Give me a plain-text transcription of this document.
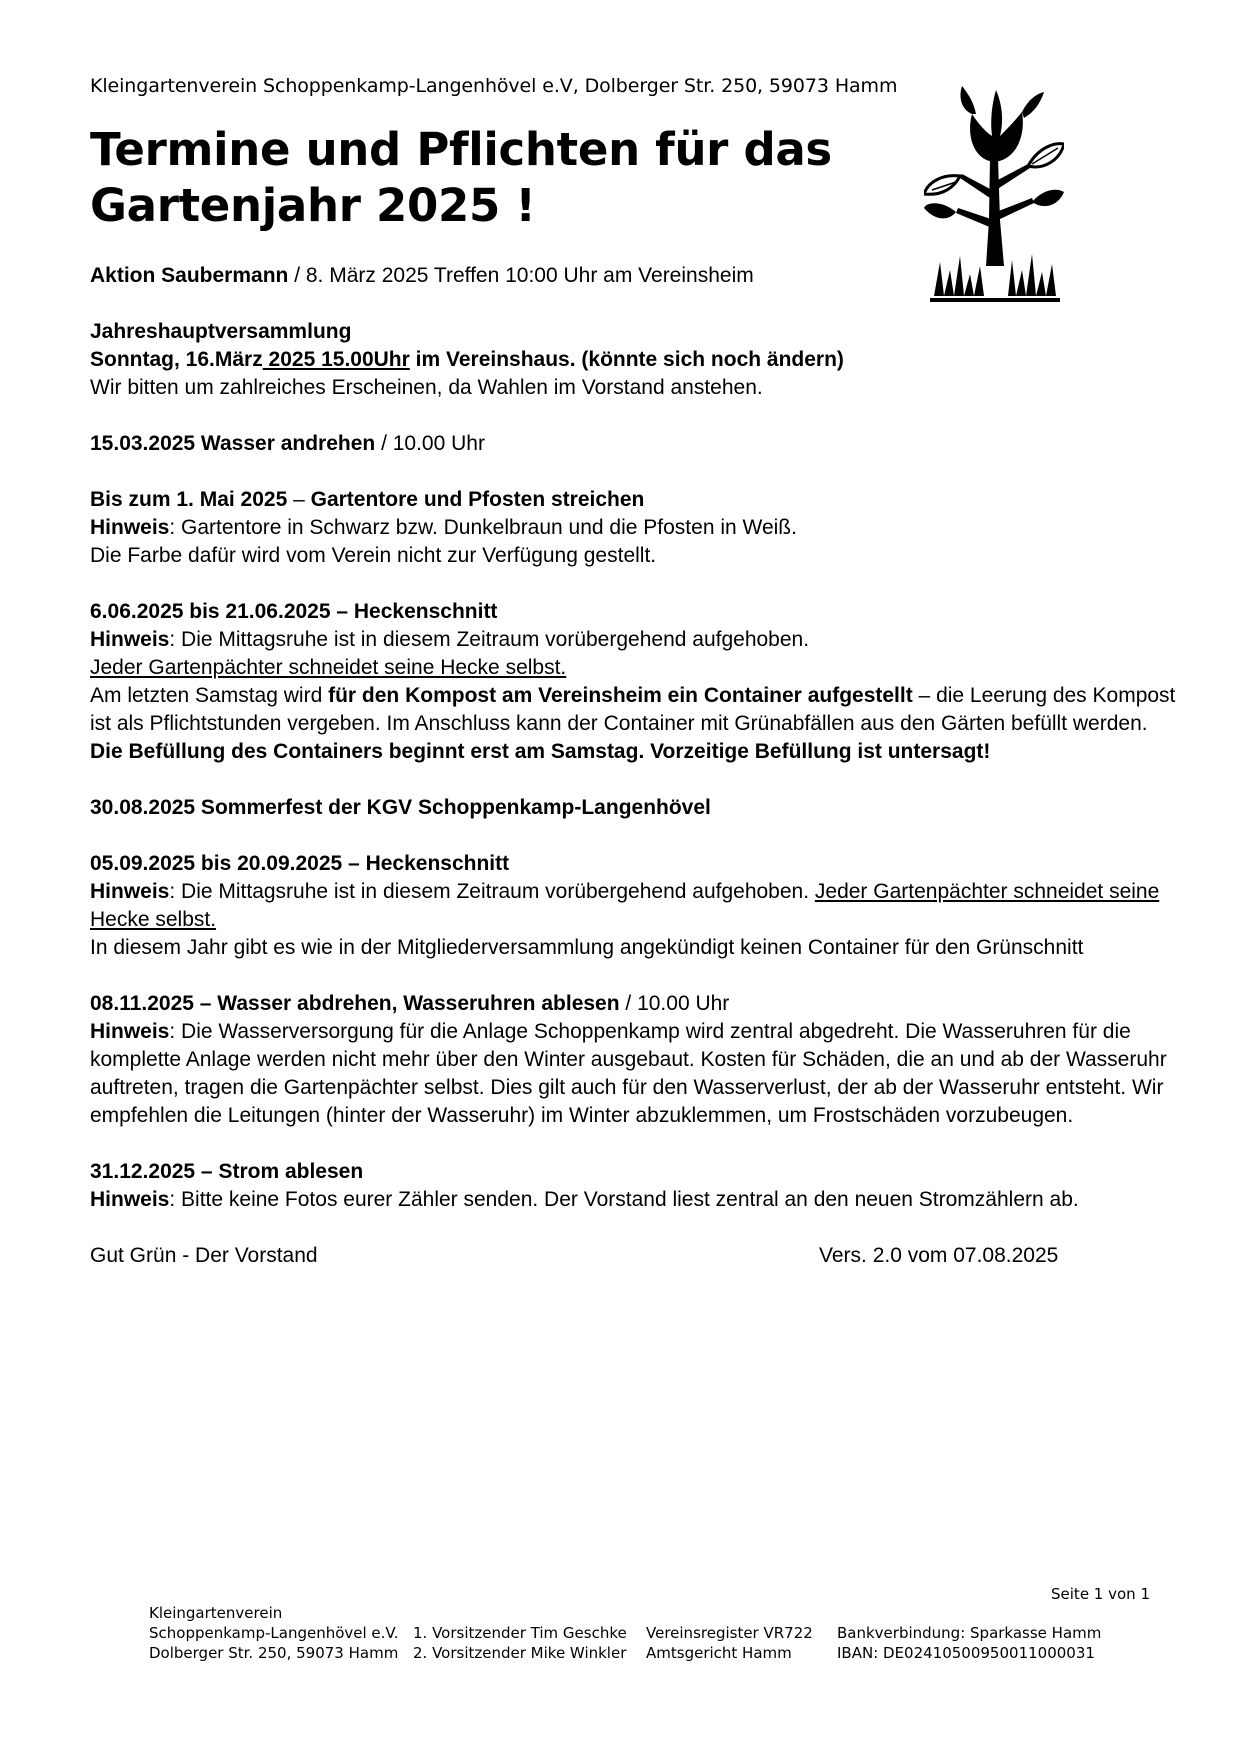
Kleingartenverein Schoppenkamp-Langenhövel e.V, Dolberger Str. 250, 59073 Hamm
Termine und Pflichten für das
Gartenjahr 2025 !

Aktion Saubermann / 8. März 2025 Treffen 10:00 Uhr am Vereinsheim

Jahreshauptversammlung
Sonntag, 16.März 2025 15.00Uhr im Vereinshaus. (könnte sich noch ändern)
Wir bitten um zahlreiches Erscheinen, da Wahlen im Vorstand anstehen.

15.03.2025 Wasser andrehen / 10.00 Uhr

Bis zum 1. Mai 2025 – Gartentore und Pfosten streichen
Hinweis: Gartentore in Schwarz bzw. Dunkelbraun und die Pfosten in Weiß.
Die Farbe dafür wird vom Verein nicht zur Verfügung gestellt.

6.06.2025 bis 21.06.2025 – Heckenschnitt
Hinweis: Die Mittagsruhe ist in diesem Zeitraum vorübergehend aufgehoben.
Jeder Gartenpächter schneidet seine Hecke selbst.
Am letzten Samstag wird für den Kompost am Vereinsheim ein Container aufgestellt – die Leerung des Kompost ist als Pflichtstunden vergeben. Im Anschluss kann der Container mit Grünabfällen aus den Gärten befüllt werden.
Die Befüllung des Containers beginnt erst am Samstag. Vorzeitige Befüllung ist untersagt!

30.08.2025 Sommerfest der KGV Schoppenkamp-Langenhövel

05.09.2025 bis 20.09.2025 – Heckenschnitt
Hinweis: Die Mittagsruhe ist in diesem Zeitraum vorübergehend aufgehoben. Jeder Gartenpächter schneidet seine Hecke selbst.
In diesem Jahr gibt es wie in der Mitgliederversammlung angekündigt keinen Container für den Grünschnitt

08.11.2025 – Wasser abdrehen, Wasseruhren ablesen / 10.00 Uhr
Hinweis: Die Wasserversorgung für die Anlage Schoppenkamp wird zentral abgedreht. Die Wasseruhren für die komplette Anlage werden nicht mehr über den Winter ausgebaut. Kosten für Schäden, die an und ab der Wasseruhr auftreten, tragen die Gartenpächter selbst. Dies gilt auch für den Wasserverlust, der ab der Wasseruhr entsteht. Wir empfehlen die Leitungen (hinter der Wasseruhr) im Winter abzuklemmen, um Frostschäden vorzubeugen.

31.12.2025 – Strom ablesen
Hinweis: Bitte keine Fotos eurer Zähler senden. Der Vorstand liest zentral an den neuen Stromzählern ab.

Gut Grün - Der Vorstand	Vers. 2.0 vom 07.08.2025
Seite 1 von 1
Kleingartenverein
Schoppenkamp-Langenhövel e.V.
Dolberger Str. 250, 59073 Hamm
1. Vorsitzender Tim Geschke
2. Vorsitzender Mike Winkler
Vereinsregister VR722
Amtsgericht Hamm
Bankverbindung: Sparkasse Hamm
IBAN: DE02410500950011000031
